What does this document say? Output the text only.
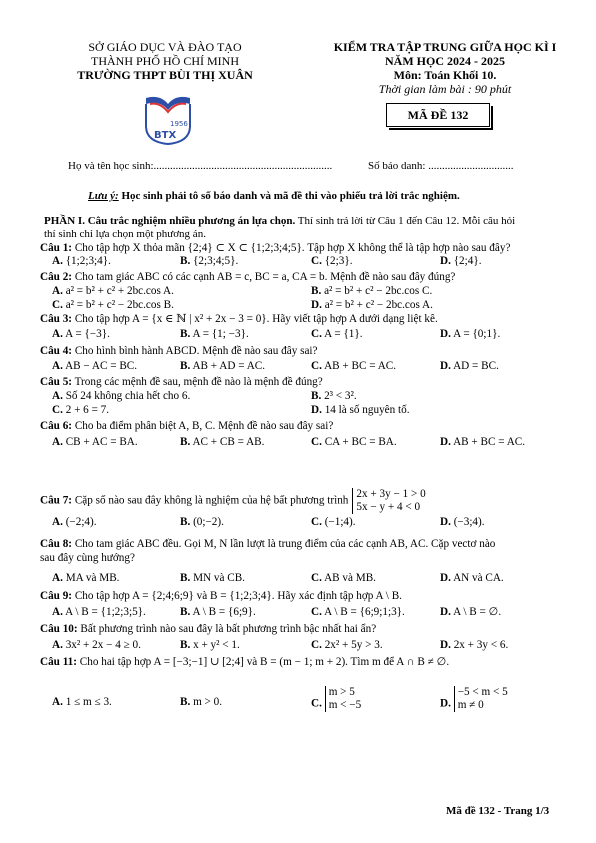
SỞ GIÁO DỤC VÀ ĐÀO TẠO
THÀNH PHỐ HỒ CHÍ MINH
TRƯỜNG THPT BÙI THỊ XUÂN
1956
BTX
KIỂM TRA TẬP TRUNG GIỮA HỌC KÌ I
NĂM HỌC 2024 - 2025
Môn: Toán Khối 10.
Thời gian làm bài : 90 phút
MÃ ĐỀ 132
Họ và tên học sinh:.................................................................	Số báo danh: ...............................
Lưu ý: Học sinh phải tô số báo danh và mã đề thi vào phiếu trả lời trắc nghiệm.
PHẦN I. Câu trắc nghiệm nhiều phương án lựa chọn. Thí sinh trả lời từ Câu 1 đến Câu 12. Mỗi câu hỏi
thí sinh chỉ lựa chọn một phương án.
Câu 1: Cho tập hợp X thỏa mãn {2;4} ⊂ X ⊂ {1;2;3;4;5}. Tập hợp X không thể là tập hợp nào sau đây?
A. {1;2;3;4}.	B. {2;3;4;5}.	C. {2;3}.	D. {2;4}.
Câu 2: Cho tam giác ABC có các cạnh AB = c, BC = a, CA = b. Mệnh đề nào sau đây đúng?
A. a² = b² + c² + 2bc.cos A.	B. a² = b² + c² − 2bc.cos C.
C. a² = b² + c² − 2bc.cos B.	D. a² = b² + c² − 2bc.cos A.
Câu 3: Cho tập hợp A = {x ∈ ℕ | x² + 2x − 3 = 0}. Hãy viết tập hợp A dưới dạng liệt kê.
A. A = {−3}.	B. A = {1; −3}.	C. A = {1}.	D. A = {0;1}.
Câu 4: Cho hình bình hành ABCD. Mệnh đề nào sau đây sai?
A. AB − AC = BC.	B. AB + AD = AC.	C. AB + BC = AC.	D. AD = BC.
Câu 5: Trong các mệnh đề sau, mệnh đề nào là mệnh đề đúng?
A. Số 24 không chia hết cho 6.	B. 2³ < 3².
C. 2 + 6 = 7.	D. 14 là số nguyên tố.
Câu 6: Cho ba điểm phân biệt A, B, C. Mệnh đề nào sau đây sai?
A. CB + AC = BA.	B. AC + CB = AB.	C. CA + BC = BA.	D. AB + BC = AC.
Câu 7: Cặp số nào sau đây không là nghiệm của hệ bất phương trình
2x + 3y − 1 > 0
5x − y + 4 < 0
A. (−2;4).	B. (0;−2).	C. (−1;4).	D. (−3;4).
Câu 8: Cho tam giác ABC đều. Gọi M, N lần lượt là trung điểm của các cạnh AB, AC. Cặp vectơ nào
sau đây cùng hướng?
A. MA và MB.	B. MN và CB.	C. AB và MB.	D. AN và CA.
Câu 9: Cho tập hợp A = {2;4;6;9} và B = {1;2;3;4}. Hãy xác định tập hợp A \ B.
A. A \ B = {1;2;3;5}.	B. A \ B = {6;9}.	C. A \ B = {6;9;1;3}.	D. A \ B = ∅.
Câu 10: Bất phương trình nào sau đây là bất phương trình bậc nhất hai ẩn?
A. 3x² + 2x − 4 ≥ 0.	B. x + y² < 1.	C. 2x² + 5y > 3.	D. 2x + 3y < 6.
Câu 11: Cho hai tập hợp A = [−3;−1] ∪ [2;4] và B = (m − 1; m + 2). Tìm m để A ∩ B ≠ ∅.
A. 1 ≤ m ≤ 3.	B. m > 0.	C.
m > 5
m < −5	D.
−5 < m < 5
m ≠ 0
Mã đề 132 - Trang 1/3
